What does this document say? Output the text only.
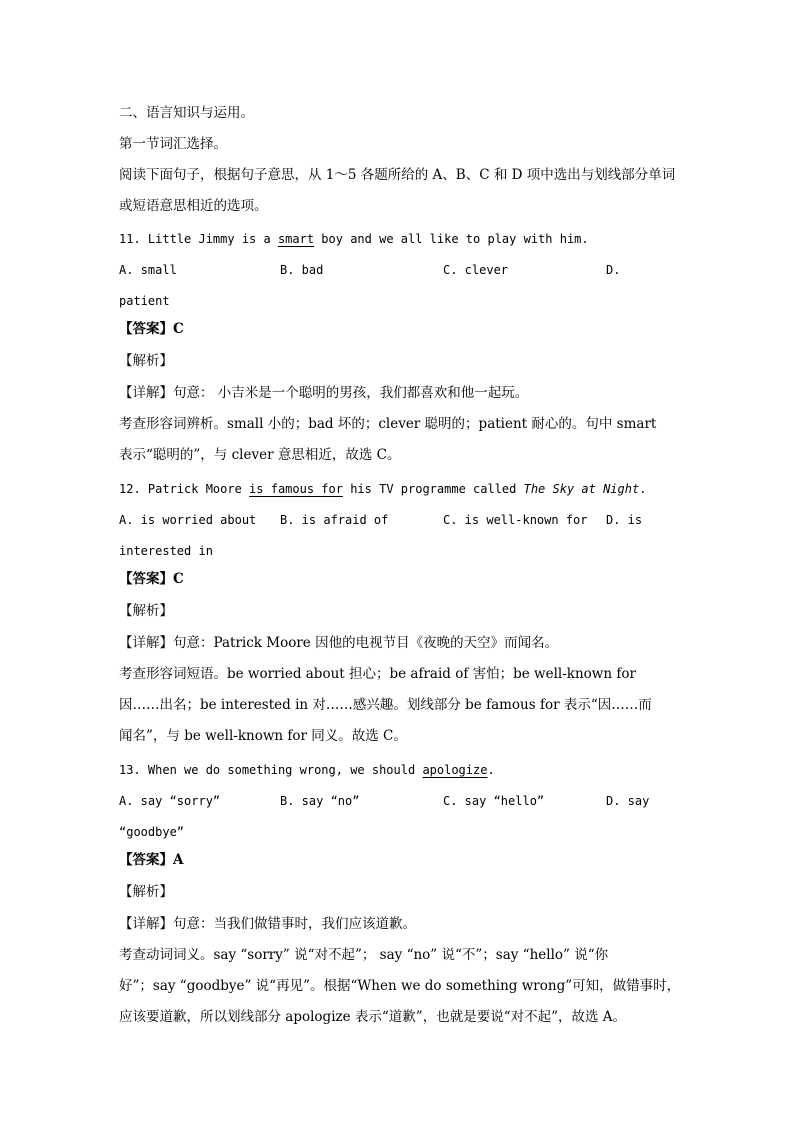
二、语言知识与运用。
第一节词汇选择。
阅读下面句子，根据句子意思，从 1～5 各题所给的 A、B、C 和 D 项中选出与划线部分单词
或短语意思相近的选项。
11. Little Jimmy is a smart boy and we all like to play with him.
A. small	B. bad	C. clever	D.
patient
【答案】C
【解析】
【详解】句意： 小吉米是一个聪明的男孩，我们都喜欢和他一起玩。
考查形容词辨析。small 小的；bad 坏的；clever 聪明的；patient 耐心的。句中 smart
表示“聪明的”，与 clever 意思相近，故选 C。
12. Patrick Moore is famous for his TV programme called The Sky at Night.
A. is worried about B. is afraid of	C. is well-known for D. is
interested in
【答案】C
【解析】
【详解】句意：Patrick Moore 因他的电视节目《夜晚的天空》而闻名。
考查形容词短语。be worried about 担心；be afraid of 害怕；be well-known for
因……出名；be interested in 对……感兴趣。划线部分 be famous for 表示“因……而
闻名”，与 be well-known for 同义。故选 C。
13. When we do something wrong, we should apologize.
A. say “sorry”	B. say “no”	C. say “hello”	D. say
“goodbye”
【答案】A
【解析】
【详解】句意：当我们做错事时，我们应该道歉。
考查动词词义。say “sorry” 说“对不起”； say “no” 说“不”；say “hello” 说“你
好”；say “goodbye” 说“再见”。根据“When we do something wrong”可知，做错事时，
应该要道歉，所以划线部分 apologize 表示“道歉”，也就是要说“对不起”，故选 A。
